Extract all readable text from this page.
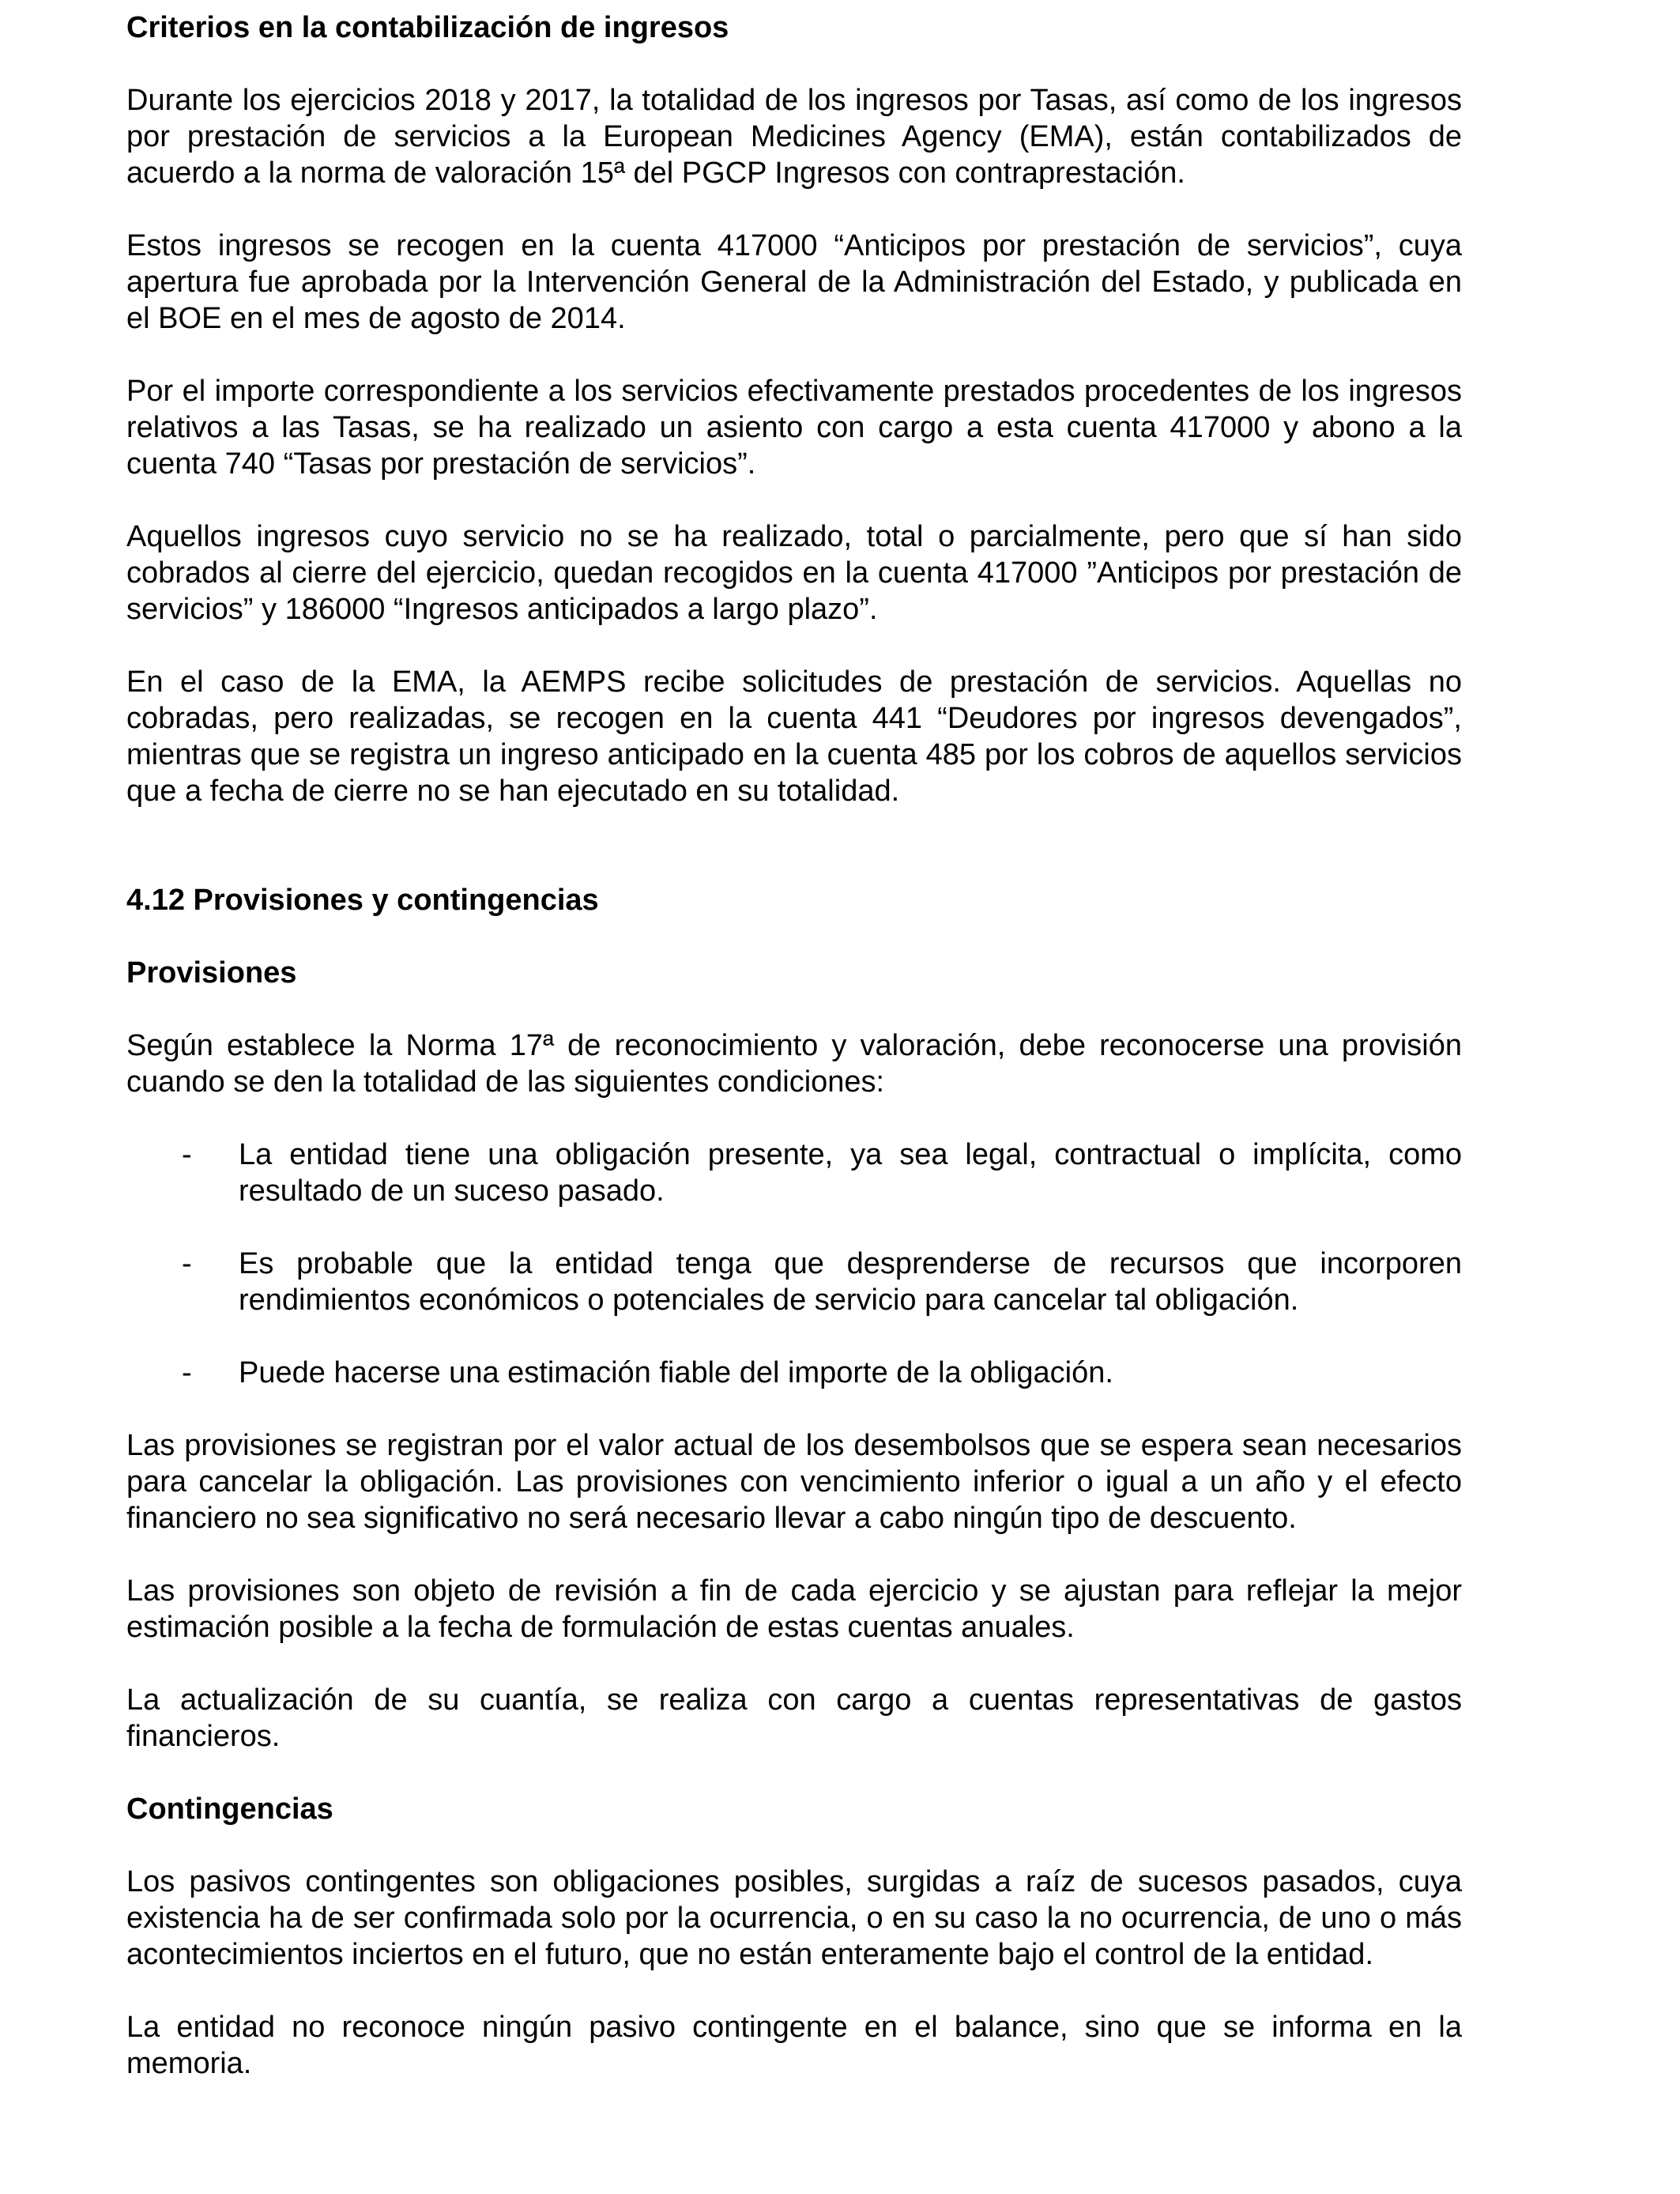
Criterios en la contabilización de ingresos

Durante los ejercicios 2018 y 2017, la totalidad de los ingresos por Tasas, así como de los ingresos por prestación de servicios a la European Medicines Agency (EMA), están contabilizados de acuerdo a la norma de valoración 15ª del PGCP Ingresos con contraprestación.

Estos ingresos se recogen en la cuenta 417000 “Anticipos por prestación de servicios”, cuya apertura fue aprobada por la Intervención General de la Administración del Estado, y publicada en el BOE en el mes de agosto de 2014.

Por el importe correspondiente a los servicios efectivamente prestados procedentes de los ingresos relativos a las Tasas, se ha realizado un asiento con cargo a esta cuenta 417000 y abono a la cuenta 740 “Tasas por prestación de servicios”.

Aquellos ingresos cuyo servicio no se ha realizado, total o parcialmente, pero que sí han sido cobrados al cierre del ejercicio, quedan recogidos en la cuenta 417000 ”Anticipos por prestación de servicios” y 186000 “Ingresos anticipados a largo plazo”.

En el caso de la EMA, la AEMPS recibe solicitudes de prestación de servicios. Aquellas no cobradas, pero realizadas, se recogen en la cuenta 441 “Deudores por ingresos devengados”, mientras que se registra un ingreso anticipado en la cuenta 485 por los cobros de aquellos servicios que a fecha de cierre no se han ejecutado en su totalidad.

4.12 Provisiones y contingencias

Provisiones

Según establece la Norma 17ª de reconocimiento y valoración, debe reconocerse una provisión cuando se den la totalidad de las siguientes condiciones:

- La entidad tiene una obligación presente, ya sea legal, contractual o implícita, como resultado de un suceso pasado.

- Es probable que la entidad tenga que desprenderse de recursos que incorporen rendimientos económicos o potenciales de servicio para cancelar tal obligación.

- Puede hacerse una estimación fiable del importe de la obligación.

Las provisiones se registran por el valor actual de los desembolsos que se espera sean necesarios para cancelar la obligación. Las provisiones con vencimiento inferior o igual a un año y el efecto financiero no sea significativo no será necesario llevar a cabo ningún tipo de descuento.

Las provisiones son objeto de revisión a fin de cada ejercicio y se ajustan para reflejar la mejor estimación posible a la fecha de formulación de estas cuentas anuales.

La actualización de su cuantía, se realiza con cargo a cuentas representativas de gastos financieros.

Contingencias

Los pasivos contingentes son obligaciones posibles, surgidas a raíz de sucesos pasados, cuya existencia ha de ser confirmada solo por la ocurrencia, o en su caso la no ocurrencia, de uno o más acontecimientos inciertos en el futuro, que no están enteramente bajo el control de la entidad.

La entidad no reconoce ningún pasivo contingente en el balance, sino que se informa en la memoria.
